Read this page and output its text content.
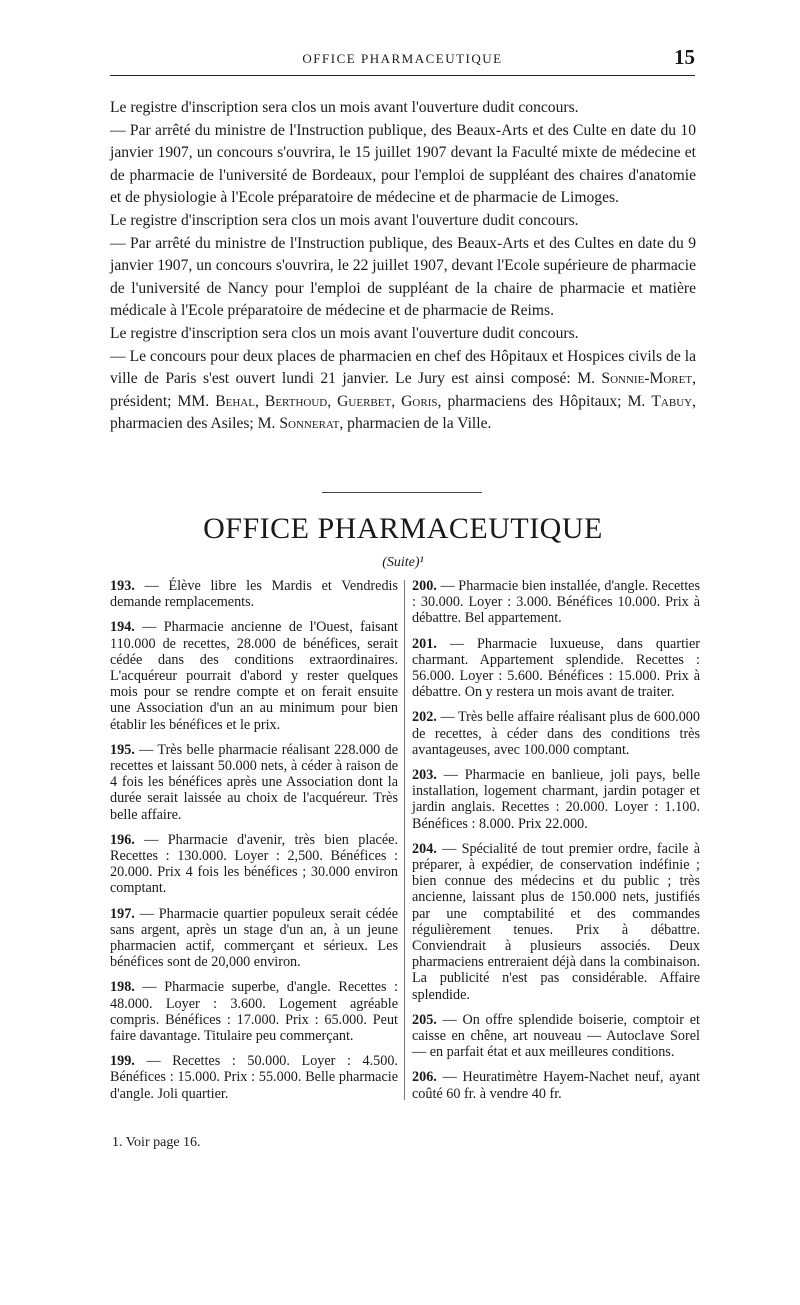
OFFICE PHARMACEUTIQUE	15

Le registre d'inscription sera clos un mois avant l'ouverture dudit concours.

— Par arrêté du ministre de l'Instruction publique, des Beaux-Arts et des Culte en date du 10 janvier 1907, un concours s'ouvrira, le 15 juillet 1907 devant la Faculté mixte de médecine et de pharmacie de l'université de Bordeaux, pour l'emploi de suppléant des chaires d'anatomie et de physiologie à l'Ecole préparatoire de médecine et de pharmacie de Limoges.

Le registre d'inscription sera clos un mois avant l'ouverture dudit concours.

— Par arrêté du ministre de l'Instruction publique, des Beaux-Arts et des Cultes en date du 9 janvier 1907, un concours s'ouvrira, le 22 juillet 1907, devant l'Ecole supérieure de pharmacie de l'université de Nancy pour l'emploi de suppléant de la chaire de pharmacie et matière médicale à l'Ecole préparatoire de médecine et de pharmacie de Reims.

Le registre d'inscription sera clos un mois avant l'ouverture dudit concours.

— Le concours pour deux places de pharmacien en chef des Hôpitaux et Hospices civils de la ville de Paris s'est ouvert lundi 21 janvier. Le Jury est ainsi composé: M. Sonnie-Moret, président; MM. Behal, Berthoud, Guerbet, Goris, pharmaciens des Hôpitaux; M. Tabuy, pharmacien des Asiles; M. Sonnerat, pharmacien de la Ville.

OFFICE PHARMACEUTIQUE
(Suite)¹

193. — Élève libre les Mardis et Vendredis demande remplacements.

194. — Pharmacie ancienne de l'Ouest, faisant 110.000 de recettes, 28.000 de bénéfices, serait cédée dans des conditions extraordinaires. L'acquéreur pourrait d'abord y rester quelques mois pour se rendre compte et on ferait ensuite une Association d'un an au minimum pour bien établir les bénéfices et le prix.

195. — Très belle pharmacie réalisant 228.000 de recettes et laissant 50.000 nets, à céder à raison de 4 fois les bénéfices après une Association dont la durée serait laissée au choix de l'acquéreur. Très belle affaire.

196. — Pharmacie d'avenir, très bien placée. Recettes : 130.000. Loyer : 2,500. Bénéfices : 20.000. Prix 4 fois les bénéfices ; 30.000 environ comptant.

197. — Pharmacie quartier populeux serait cédée sans argent, après un stage d'un an, à un jeune pharmacien actif, commerçant et sérieux. Les bénéfices sont de 20,000 environ.

198. — Pharmacie superbe, d'angle. Recettes : 48.000. Loyer : 3.600. Logement agréable compris. Bénéfices : 17.000. Prix : 65.000. Peut faire davantage. Titulaire peu commerçant.

199. — Recettes : 50.000. Loyer : 4.500. Bénéfices : 15.000. Prix : 55.000. Belle pharmacie d'angle. Joli quartier.

200. — Pharmacie bien installée, d'angle. Recettes : 30.000. Loyer : 3.000. Bénéfices 10.000. Prix à débattre. Bel appartement.

201. — Pharmacie luxueuse, dans quartier charmant. Appartement splendide. Recettes : 56.000. Loyer : 5.600. Bénéfices : 15.000. Prix à débattre. On y restera un mois avant de traiter.

202. — Très belle affaire réalisant plus de 600.000 de recettes, à céder dans des conditions très avantageuses, avec 100.000 comptant.

203. — Pharmacie en banlieue, joli pays, belle installation, logement charmant, jardin potager et jardin anglais. Recettes : 20.000. Loyer : 1.100. Bénéfices : 8.000. Prix 22.000.

204. — Spécialité de tout premier ordre, facile à préparer, à expédier, de conservation indéfinie ; bien connue des médecins et du public ; très ancienne, laissant plus de 150.000 nets, justifiés par une comptabilité et des commandes régulièrement tenues. Prix à débattre. Conviendrait à plusieurs associés. Deux pharmaciens entreraient déjà dans la combinaison. La publicité n'est pas considérable. Affaire splendide.

205. — On offre splendide boiserie, comptoir et caisse en chêne, art nouveau — Autoclave Sorel — en parfait état et aux meilleures conditions.

206. — Heuratimètre Hayem-Nachet neuf, ayant coûté 60 fr. à vendre 40 fr.

1. Voir page 16.
